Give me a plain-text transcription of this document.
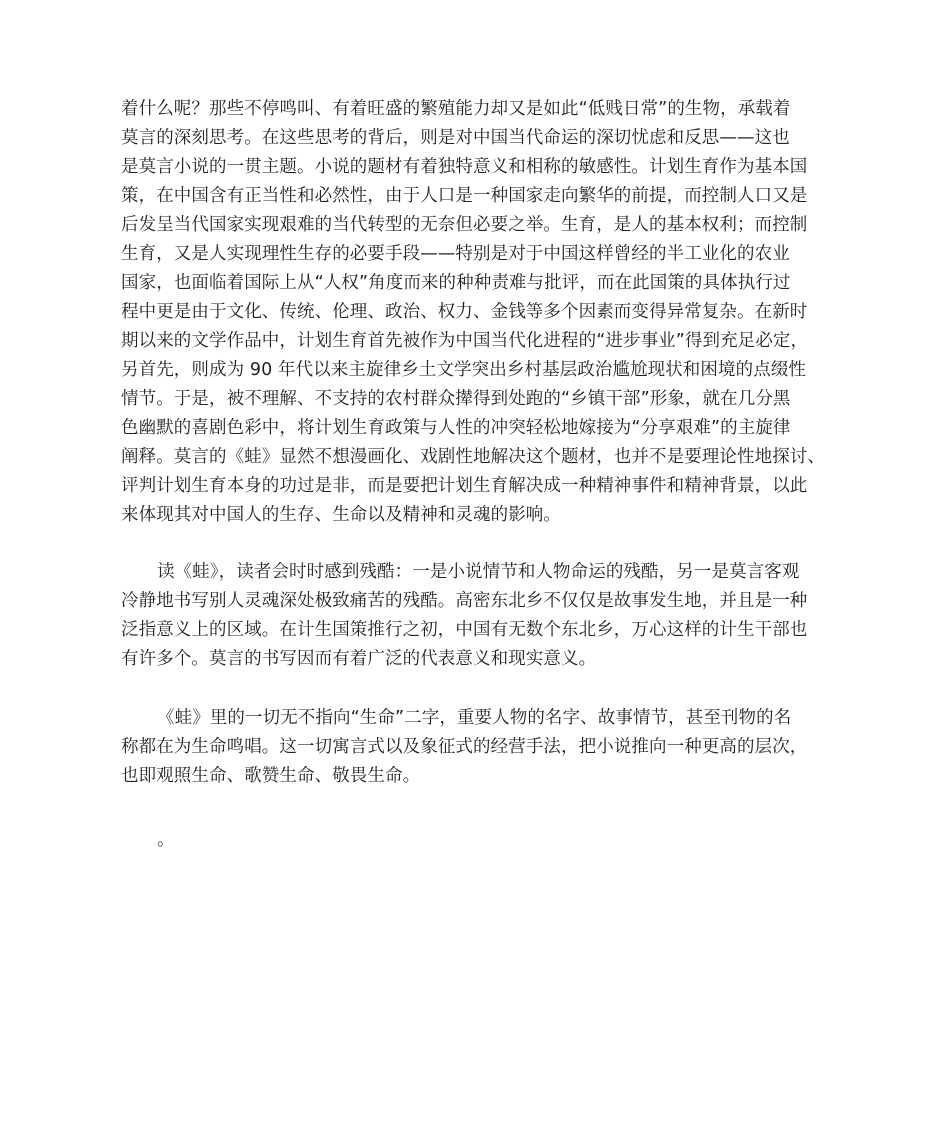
着什么呢？那些不停鸣叫、有着旺盛的繁殖能力却又是如此“低贱日常”的生物，承载着
莫言的深刻思考。在这些思考的背后，则是对中国当代命运的深切忧虑和反思——这也
是莫言小说的一贯主题。小说的题材有着独特意义和相称的敏感性。计划生育作为基本国
策，在中国含有正当性和必然性，由于人口是一种国家走向繁华的前提，而控制人口又是
后发呈当代国家实现艰难的当代转型的无奈但必要之举。生育，是人的基本权利；而控制
生育，又是人实现理性生存的必要手段——特别是对于中国这样曾经的半工业化的农业
国家，也面临着国际上从“人权”角度而来的种种责难与批评，而在此国策的具体执行过
程中更是由于文化、传统、伦理、政治、权力、金钱等多个因素而变得异常复杂。在新时
期以来的文学作品中，计划生育首先被作为中国当代化进程的“进步事业”得到充足必定，
另首先，则成为 90 年代以来主旋律乡土文学突出乡村基层政治尴尬现状和困境的点缀性
情节。于是，被不理解、不支持的农村群众撵得到处跑的“乡镇干部”形象，就在几分黑
色幽默的喜剧色彩中，将计划生育政策与人性的冲突轻松地嫁接为“分享艰难”的主旋律
阐释。莫言的《蛙》显然不想漫画化、戏剧性地解决这个题材，也并不是要理论性地探讨、
评判计划生育本身的功过是非，而是要把计划生育解决成一种精神事件和精神背景，以此
来体现其对中国人的生存、生命以及精神和灵魂的影响。
读《蛙》，读者会时时感到残酷：一是小说情节和人物命运的残酷，另一是莫言客观
冷静地书写别人灵魂深处极致痛苦的残酷。高密东北乡不仅仅是故事发生地，并且是一种
泛指意义上的区域。在计生国策推行之初，中国有无数个东北乡，万心这样的计生干部也
有许多个。莫言的书写因而有着广泛的代表意义和现实意义。
《蛙》里的一切无不指向“生命”二字，重要人物的名字、故事情节，甚至刊物的名
称都在为生命鸣唱。这一切寓言式以及象征式的经营手法，把小说推向一种更高的层次，
也即观照生命、歌赞生命、敬畏生命。
。
